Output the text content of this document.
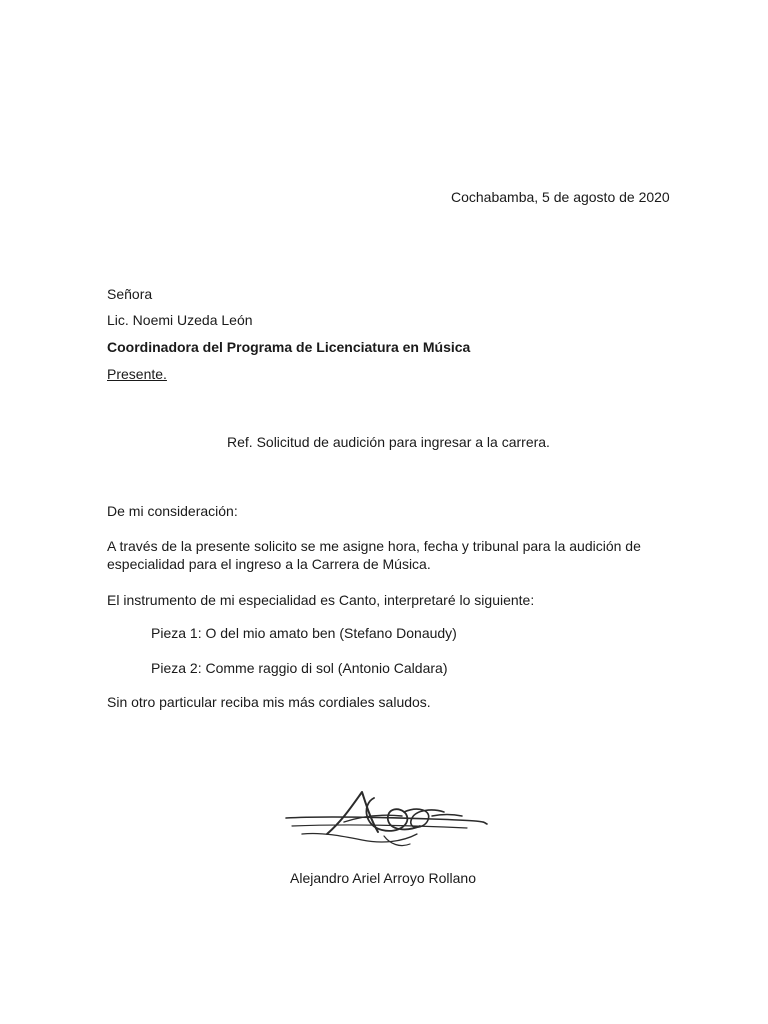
Cochabamba, 5 de agosto de 2020
Señora
Lic. Noemi Uzeda León
Coordinadora del Programa de Licenciatura en Música
Presente.
Ref. Solicitud de audición para ingresar a la carrera.
De mi consideración:
A través de la presente solicito se me asigne hora, fecha y tribunal para la audición de especialidad para el ingreso a la Carrera de Música.
El instrumento de mi especialidad es Canto, interpretaré lo siguiente:
Pieza 1: O del mio amato ben (Stefano Donaudy)
Pieza 2: Comme raggio di sol (Antonio Caldara)
Sin otro particular reciba mis más cordiales saludos.
Alejandro Ariel Arroyo Rollano
